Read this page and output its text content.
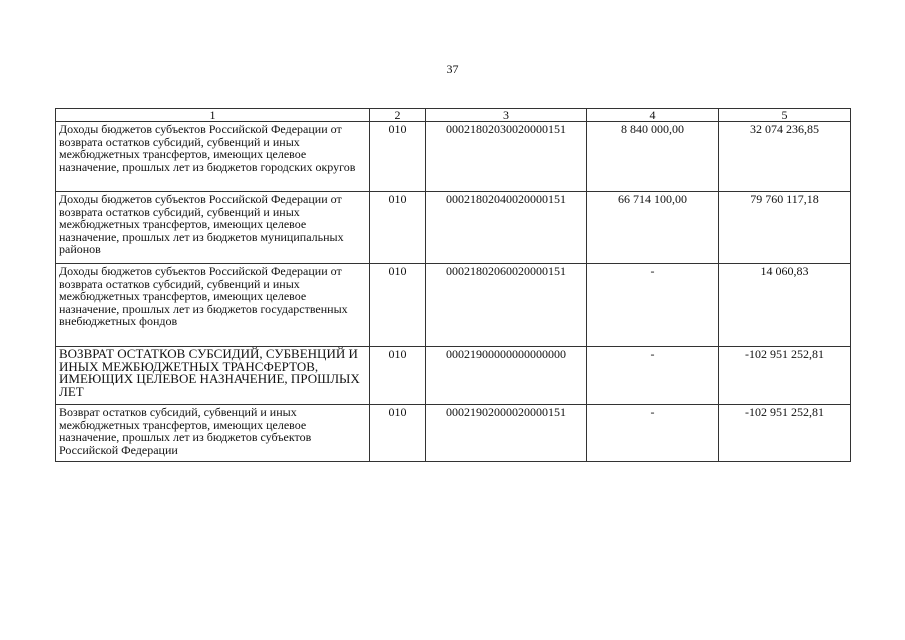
37
1	2	3	4	5
Доходы бюджетов субъектов Российской Федерации от возврата остатков субсидий, субвенций и иных межбюджетных трансфертов, имеющих целевое назначение, прошлых лет из бюджетов городских округов	010	00021802030020000151	8 840 000,00	32 074 236,85
Доходы бюджетов субъектов Российской Федерации от возврата остатков субсидий, субвенций и иных межбюджетных трансфертов, имеющих целевое назначение, прошлых лет из бюджетов муниципальных районов	010	00021802040020000151	66 714 100,00	79 760 117,18
Доходы бюджетов субъектов Российской Федерации от возврата остатков субсидий, субвенций и иных межбюджетных трансфертов, имеющих целевое назначение, прошлых лет из бюджетов государственных внебюджетных фондов	010	00021802060020000151	-	14 060,83
ВОЗВРАТ ОСТАТКОВ СУБСИДИЙ, СУБВЕНЦИЙ И ИНЫХ МЕЖБЮДЖЕТНЫХ ТРАНСФЕРТОВ, ИМЕЮЩИХ ЦЕЛЕВОЕ НАЗНАЧЕНИЕ, ПРОШЛЫХ ЛЕТ	010	00021900000000000000	-	-102 951 252,81
Возврат остатков субсидий, субвенций и иных межбюджетных трансфертов, имеющих целевое назначение, прошлых лет из бюджетов субъектов Российской Федерации	010	00021902000020000151	-	-102 951 252,81
